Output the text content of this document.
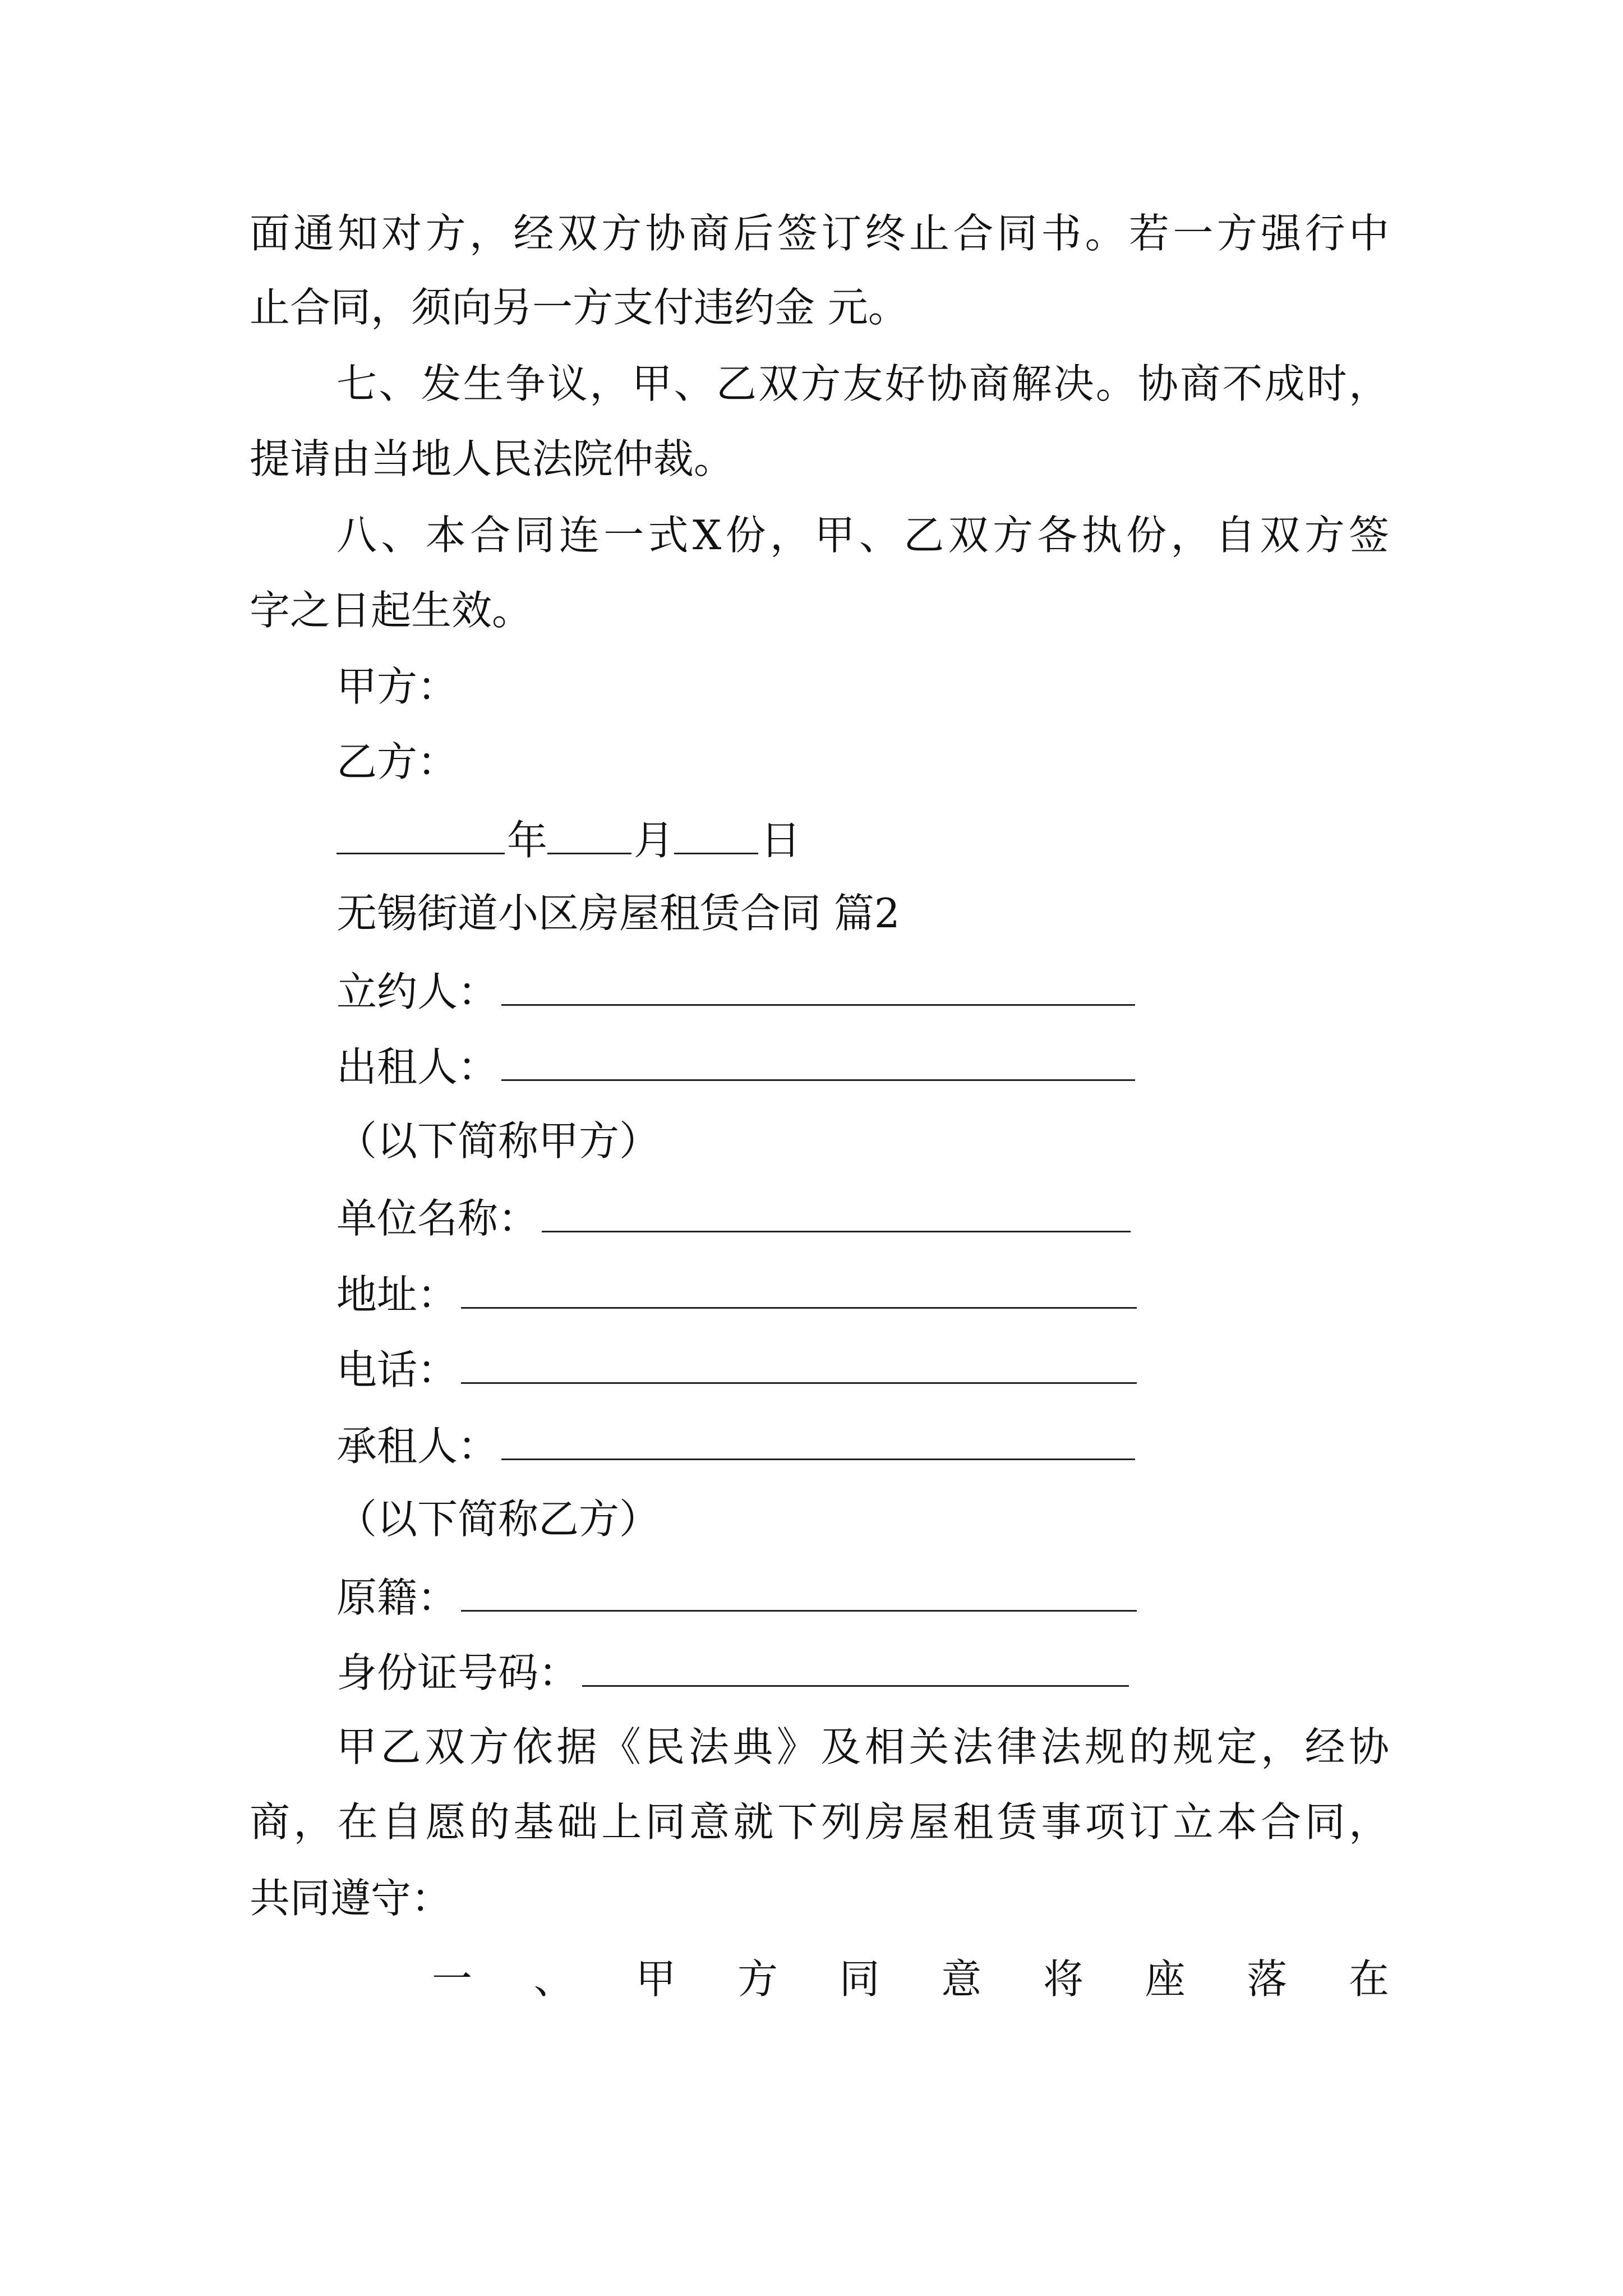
面通知对方，经双方协商后签订终止合同书。若一方强行中
止合同，须向另一方支付违约金 元。
七、发生争议，甲、乙双方友好协商解决。协商不成时，
提请由当地人民法院仲裁。
八、本合同连一式X份，甲、乙双方各执份，自双方签
字之日起生效。
甲方：
乙方：
年 月 日
无锡街道小区房屋租赁合同 篇2
立约人：
出租人：
（以下简称甲方）
单位名称：
地址：
电话：
承租人：
（以下简称乙方）
原籍：
身份证号码：
甲乙双方依据《民法典》及相关法律法规的规定，经协
商，在自愿的基础上同意就下列房屋租赁事项订立本合同，
共同遵守：
一 、 甲 方 同 意 将 座 落 在
